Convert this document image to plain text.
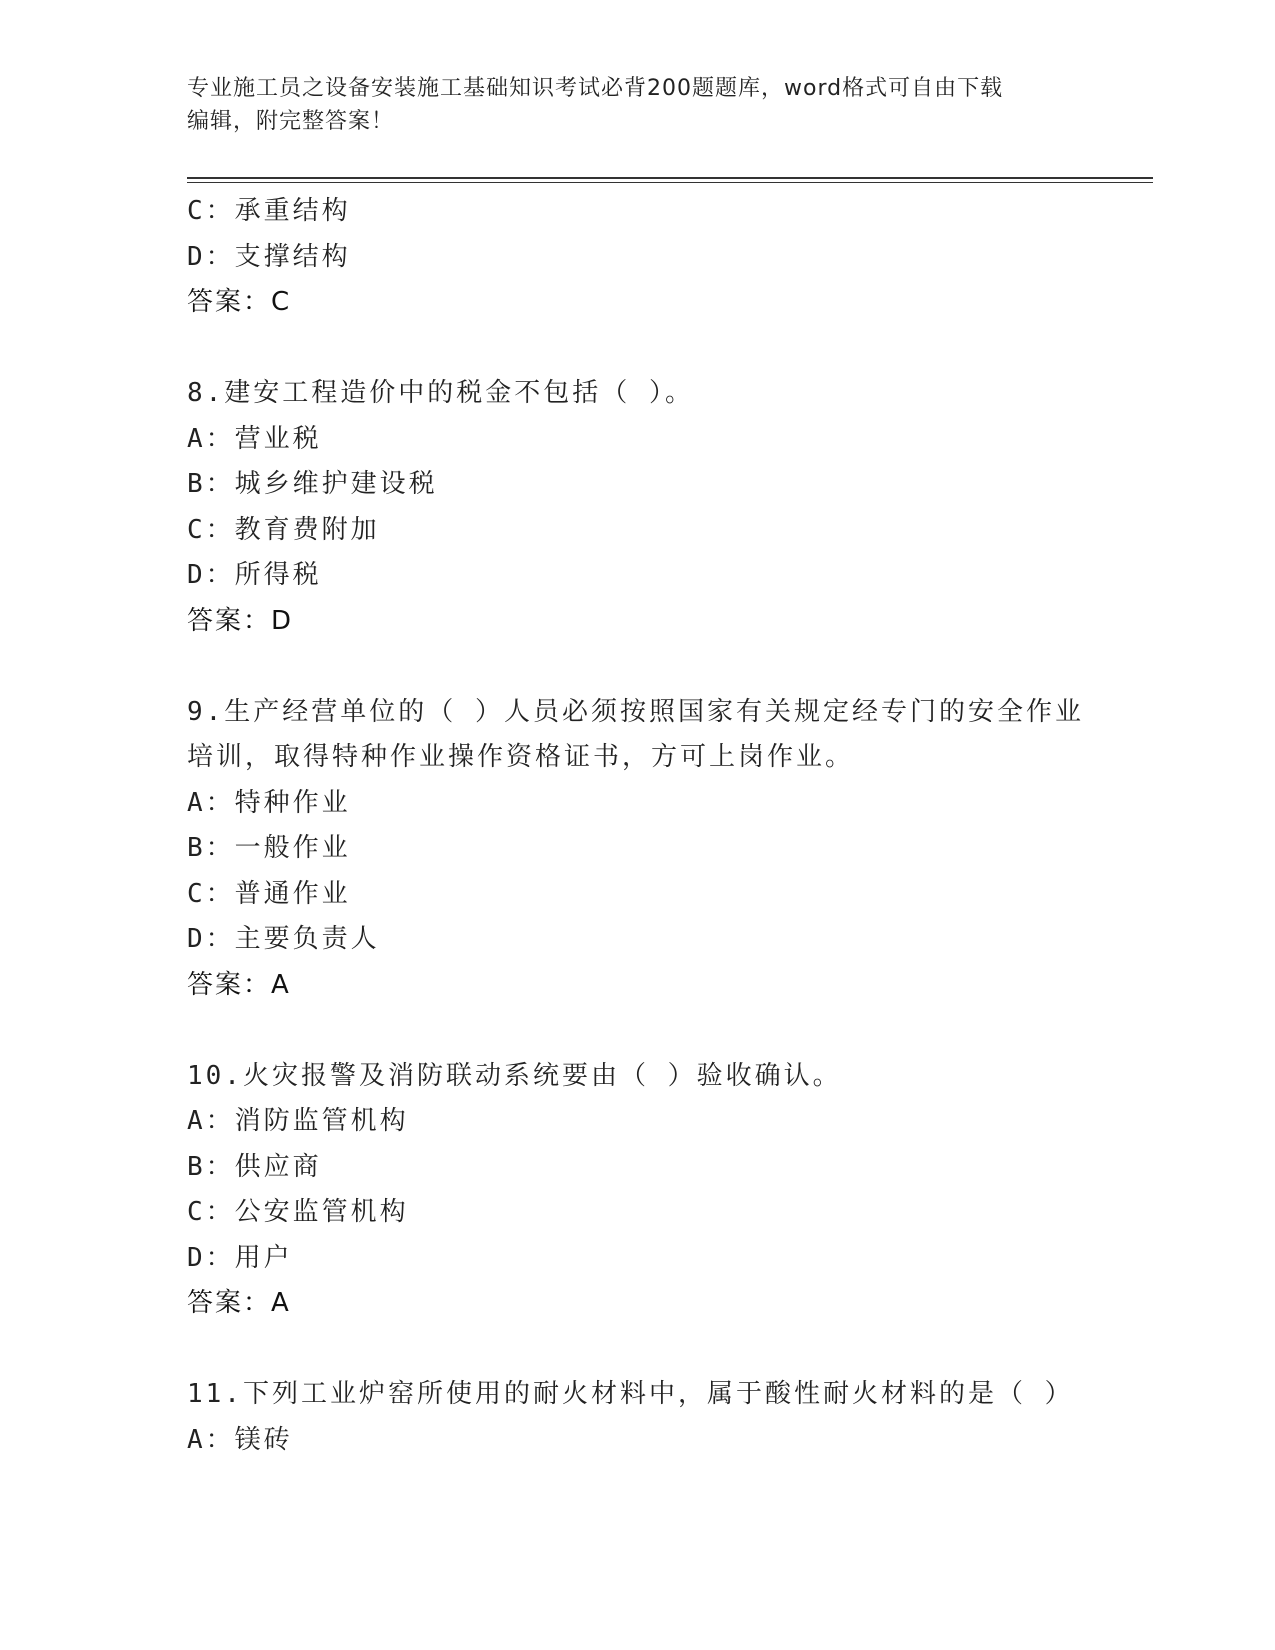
专业施工员之设备安装施工基础知识考试必背200题题库，word格式可自由下载
编辑，附完整答案！
C：承重结构
D：支撑结构
答案：C
8.建安工程造价中的税金不包括（ ）。
A：营业税
B：城乡维护建设税
C：教育费附加
D：所得税
答案：D
9.生产经营单位的（ ）人员必须按照国家有关规定经专门的安全作业
培训，取得特种作业操作资格证书，方可上岗作业。
A：特种作业
B：一般作业
C：普通作业
D：主要负责人
答案：A
10.火灾报警及消防联动系统要由（ ）验收确认。
A：消防监管机构
B：供应商
C：公安监管机构
D：用户
答案：A
11.下列工业炉窑所使用的耐火材料中，属于酸性耐火材料的是（ ）
A：镁砖
